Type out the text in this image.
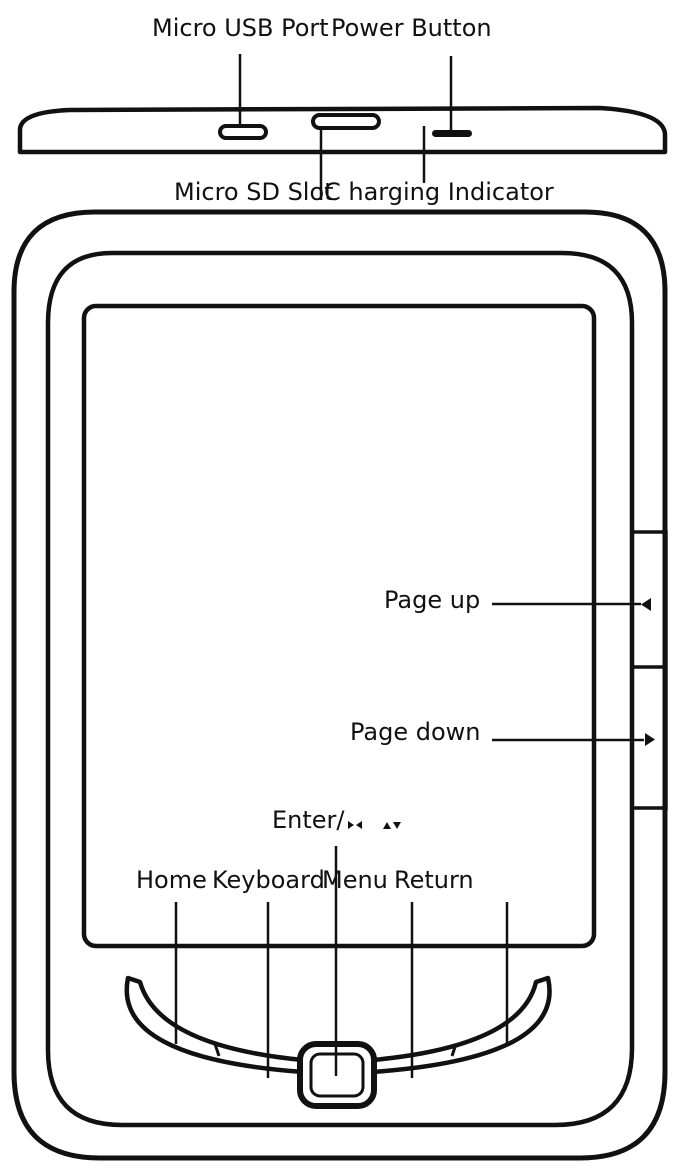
Micro USB Port Power Button
Micro SD Slot
C harging Indicator
Page up
Page down
Enter/
Home Keyboard
Menu Return
